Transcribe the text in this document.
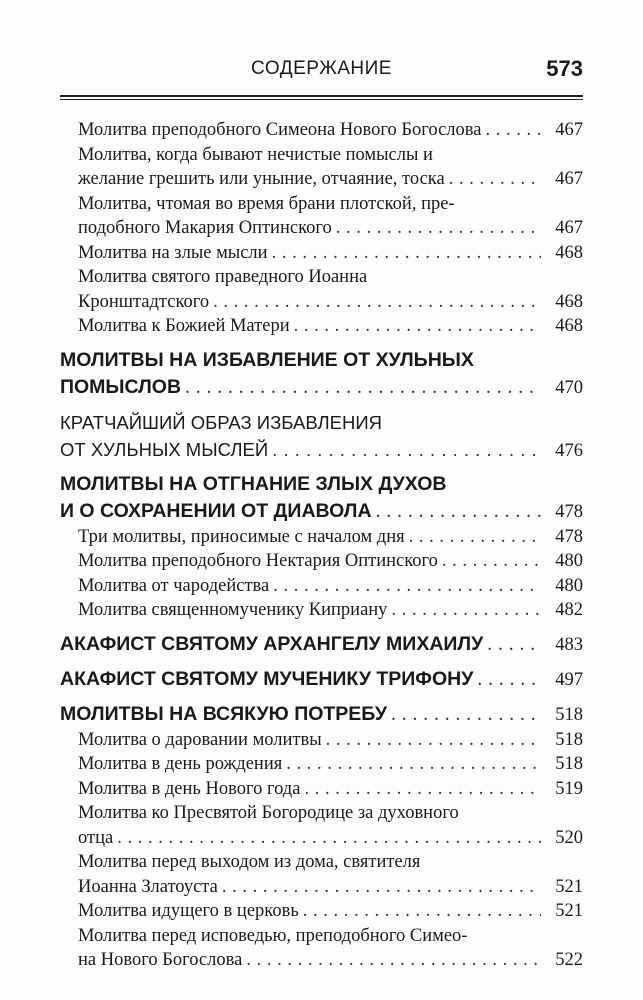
СОДЕРЖАНИЕ	573
Молитва преподобного Симеона Нового Богослова . . .	467
Молитва, когда бывают нечистые помыслы и
желание грешить или уныние, отчаяние, тоска . . .	467
Молитва, чтомая во время брани плотской, пре-
подобного Макария Оптинского . . .	467
Молитва на злые мысли . . .	468
Молитва святого праведного Иоанна
Кронштадтского . . .	468
Молитва к Божией Матери . . .	468
МОЛИТВЫ НА ИЗБАВЛЕНИЕ ОТ ХУЛЬНЫХ
ПОМЫСЛОВ . . .	470
КРАТЧАЙШИЙ ОБРАЗ ИЗБАВЛЕНИЯ
ОТ ХУЛЬНЫХ МЫСЛЕЙ . . .	476
МОЛИТВЫ НА ОТГНАНИЕ ЗЛЫХ ДУХОВ
И О СОХРАНЕНИИ ОТ ДИАВОЛА . . .	478
Три молитвы, приносимые с началом дня . . .	478
Молитва преподобного Нектария Оптинского . . .	480
Молитва от чародейства . . .	480
Молитва священномученику Киприану . . .	482
АКАФИСТ СВЯТОМУ АРХАНГЕЛУ МИХАИЛУ . . .	483
АКАФИСТ СВЯТОМУ МУЧЕНИКУ ТРИФОНУ . . .	497
МОЛИТВЫ НА ВСЯКУЮ ПОТРЕБУ . . .	518
Молитва о даровании молитвы . . .	518
Молитва в день рождения . . .	518
Молитва в день Нового года . . .	519
Молитва ко Пресвятой Богородице за духовного
отца . . .	520
Молитва перед выходом из дома, святителя
Иоанна Златоуста . . .	521
Молитва идущего в церковь . . .	521
Молитва перед исповедью, преподобного Симео-
на Нового Богослова . . .	522
